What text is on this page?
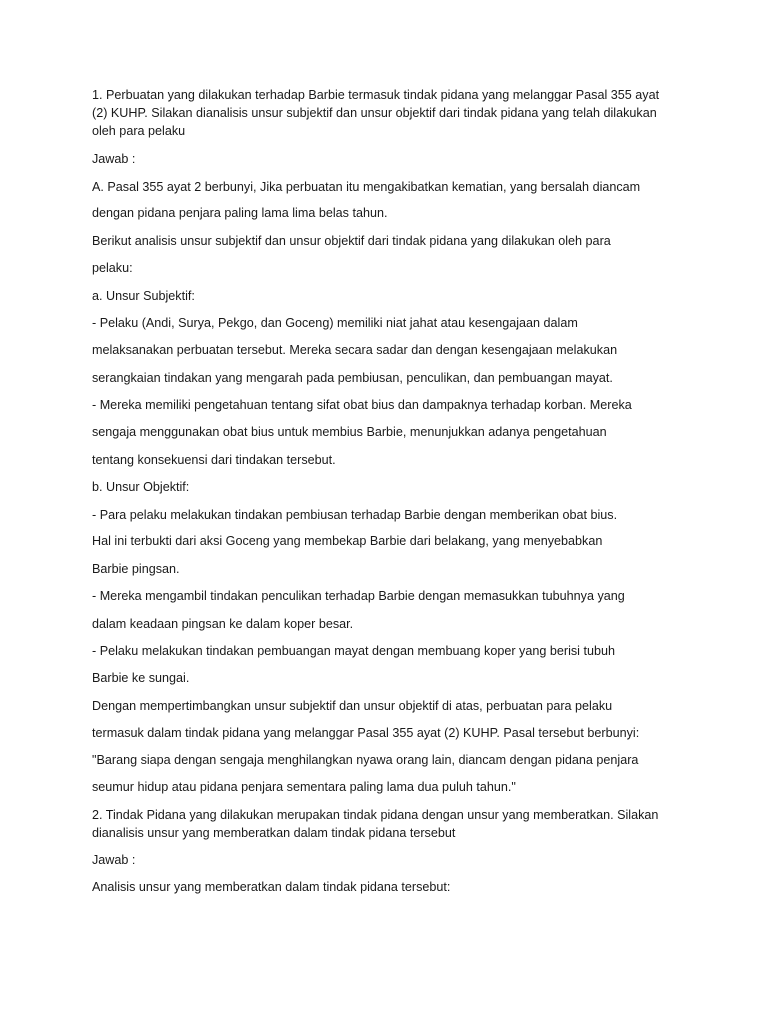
1. Perbuatan yang dilakukan terhadap Barbie termasuk tindak pidana yang melanggar Pasal 355 ayat

(2) KUHP. Silakan dianalisis unsur subjektif dan unsur objektif dari tindak pidana yang telah dilakukan

oleh para pelaku

Jawab :

A. Pasal 355 ayat 2 berbunyi, Jika perbuatan itu mengakibatkan kematian, yang bersalah diancam

dengan pidana penjara paling lama lima belas tahun.

Berikut analisis unsur subjektif dan unsur objektif dari tindak pidana yang dilakukan oleh para

pelaku:

a. Unsur Subjektif:

- Pelaku (Andi, Surya, Pekgo, dan Goceng) memiliki niat jahat atau kesengajaan dalam

melaksanakan perbuatan tersebut. Mereka secara sadar dan dengan kesengajaan melakukan

serangkaian tindakan yang mengarah pada pembiusan, penculikan, dan pembuangan mayat.

- Mereka memiliki pengetahuan tentang sifat obat bius dan dampaknya terhadap korban. Mereka

sengaja menggunakan obat bius untuk membius Barbie, menunjukkan adanya pengetahuan

tentang konsekuensi dari tindakan tersebut.

b. Unsur Objektif:

- Para pelaku melakukan tindakan pembiusan terhadap Barbie dengan memberikan obat bius.

Hal ini terbukti dari aksi Goceng yang membekap Barbie dari belakang, yang menyebabkan

Barbie pingsan.

- Mereka mengambil tindakan penculikan terhadap Barbie dengan memasukkan tubuhnya yang

dalam keadaan pingsan ke dalam koper besar.

- Pelaku melakukan tindakan pembuangan mayat dengan membuang koper yang berisi tubuh

Barbie ke sungai.

Dengan mempertimbangkan unsur subjektif dan unsur objektif di atas, perbuatan para pelaku

termasuk dalam tindak pidana yang melanggar Pasal 355 ayat (2) KUHP. Pasal tersebut berbunyi:

"Barang siapa dengan sengaja menghilangkan nyawa orang lain, diancam dengan pidana penjara

seumur hidup atau pidana penjara sementara paling lama dua puluh tahun."

2. Tindak Pidana yang dilakukan merupakan tindak pidana dengan unsur yang memberatkan. Silakan

dianalisis unsur yang memberatkan dalam tindak pidana tersebut

Jawab :

Analisis unsur yang memberatkan dalam tindak pidana tersebut:
